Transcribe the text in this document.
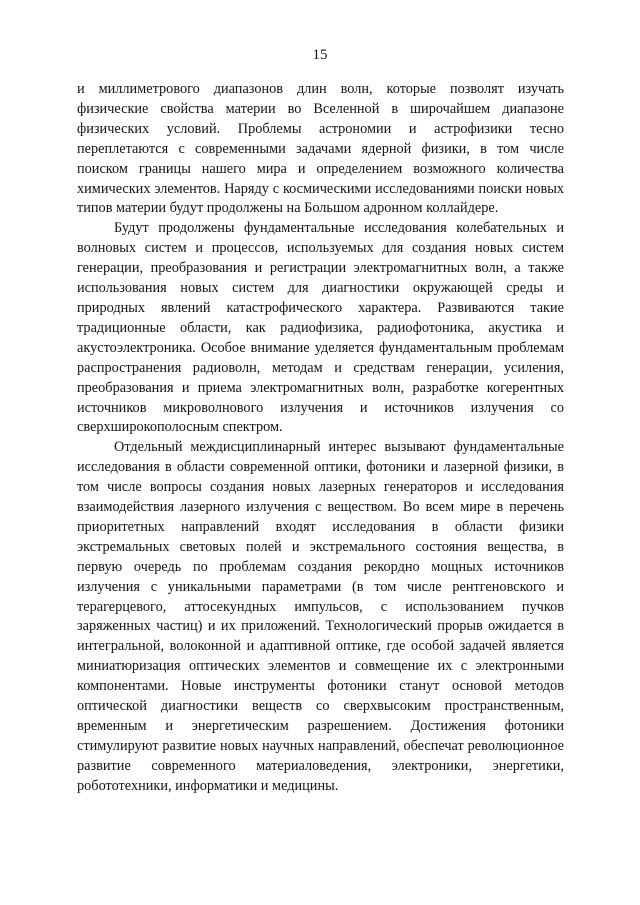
15

и миллиметрового диапазонов длин волн, которые позволят изучать физические свойства материи во Вселенной в широчайшем диапазоне физических условий. Проблемы астрономии и астрофизики тесно переплетаются с современными задачами ядерной физики, в том числе поиском границы нашего мира и определением возможного количества химических элементов. Наряду с космическими исследованиями поиски новых типов материи будут продолжены на Большом адронном коллайдере.

Будут продолжены фундаментальные исследования колебательных и волновых систем и процессов, используемых для создания новых систем генерации, преобразования и регистрации электромагнитных волн, а также использования новых систем для диагностики окружающей среды и природных явлений катастрофического характера. Развиваются такие традиционные области, как радиофизика, радиофотоника, акустика и акустоэлектроника. Особое внимание уделяется фундаментальным проблемам распространения радиоволн, методам и средствам генерации, усиления, преобразования и приема электромагнитных волн, разработке когерентных источников микроволнового излучения и источников излучения со сверхширокополосным спектром.

Отдельный междисциплинарный интерес вызывают фундаментальные исследования в области современной оптики, фотоники и лазерной физики, в том числе вопросы создания новых лазерных генераторов и исследования взаимодействия лазерного излучения с веществом. Во всем мире в перечень приоритетных направлений входят исследования в области физики экстремальных световых полей и экстремального состояния вещества, в первую очередь по проблемам создания рекордно мощных источников излучения с уникальными параметрами (в том числе рентгеновского и терагерцевого, аттосекундных импульсов, с использованием пучков заряженных частиц) и их приложений. Технологический прорыв ожидается в интегральной, волоконной и адаптивной оптике, где особой задачей является миниатюризация оптических элементов и совмещение их с электронными компонентами. Новые инструменты фотоники станут основой методов оптической диагностики веществ со сверхвысоким пространственным, временным и энергетическим разрешением. Достижения фотоники стимулируют развитие новых научных направлений, обеспечат революционное развитие современного материаловедения, электроники, энергетики, робототехники, информатики и медицины.
